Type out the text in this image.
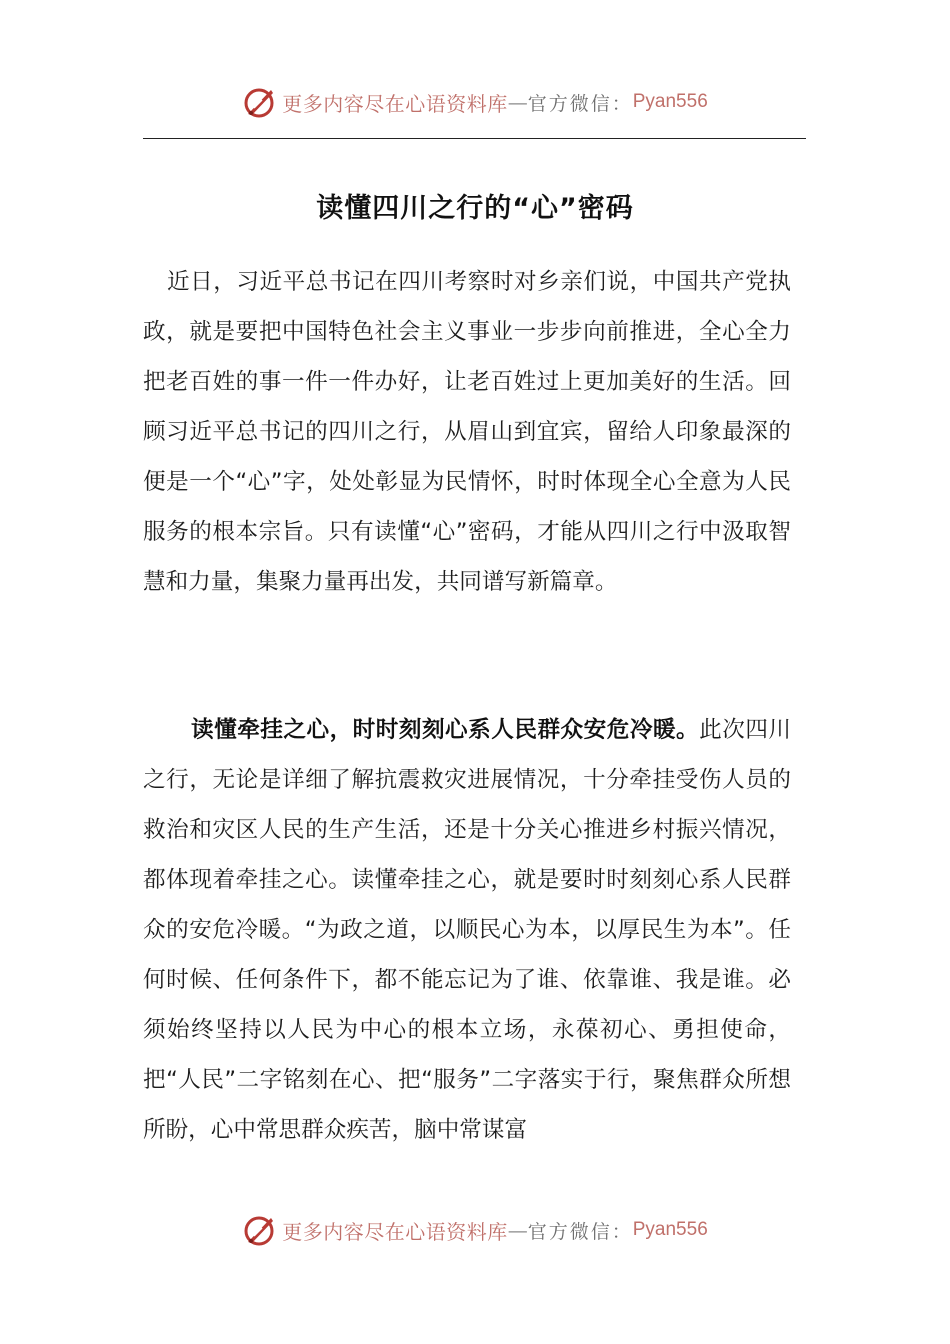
更多内容尽在心语资料库 — 官方微信： Pyan556
读懂四川之行的“心”密码
近日，习近平总书记在四川考察时对乡亲们说，中国共产党执政，就是要把中国特色社会主义事业一步步向前推进，全心全力把老百姓的事一件一件办好，让老百姓过上更加美好的生活。回顾习近平总书记的四川之行，从眉山到宜宾，留给人印象最深的便是一个“心”字，处处彰显为民情怀，时时体现全心全意为人民服务的根本宗旨。只有读懂“心”密码，才能从四川之行中汲取智慧和力量，集聚力量再出发，共同谱写新篇章。
读懂牵挂之心，时时刻刻心系人民群众安危冷暖。此次四川之行，无论是详细了解抗震救灾进展情况，十分牵挂受伤人员的救治和灾区人民的生产生活，还是十分关心推进乡村振兴情况，都体现着牵挂之心。读懂牵挂之心，就是要时时刻刻心系人民群众的安危冷暖。“为政之道，以顺民心为本，以厚民生为本”。任何时候、任何条件下，都不能忘记为了谁、依靠谁、我是谁。必须始终坚持以人民为中心的根本立场，永葆初心、勇担使命，把“人民”二字铭刻在心、把“服务”二字落实于行，聚焦群众所想所盼，心中常思群众疾苦，脑中常谋富
更多内容尽在心语资料库 — 官方微信： Pyan556
